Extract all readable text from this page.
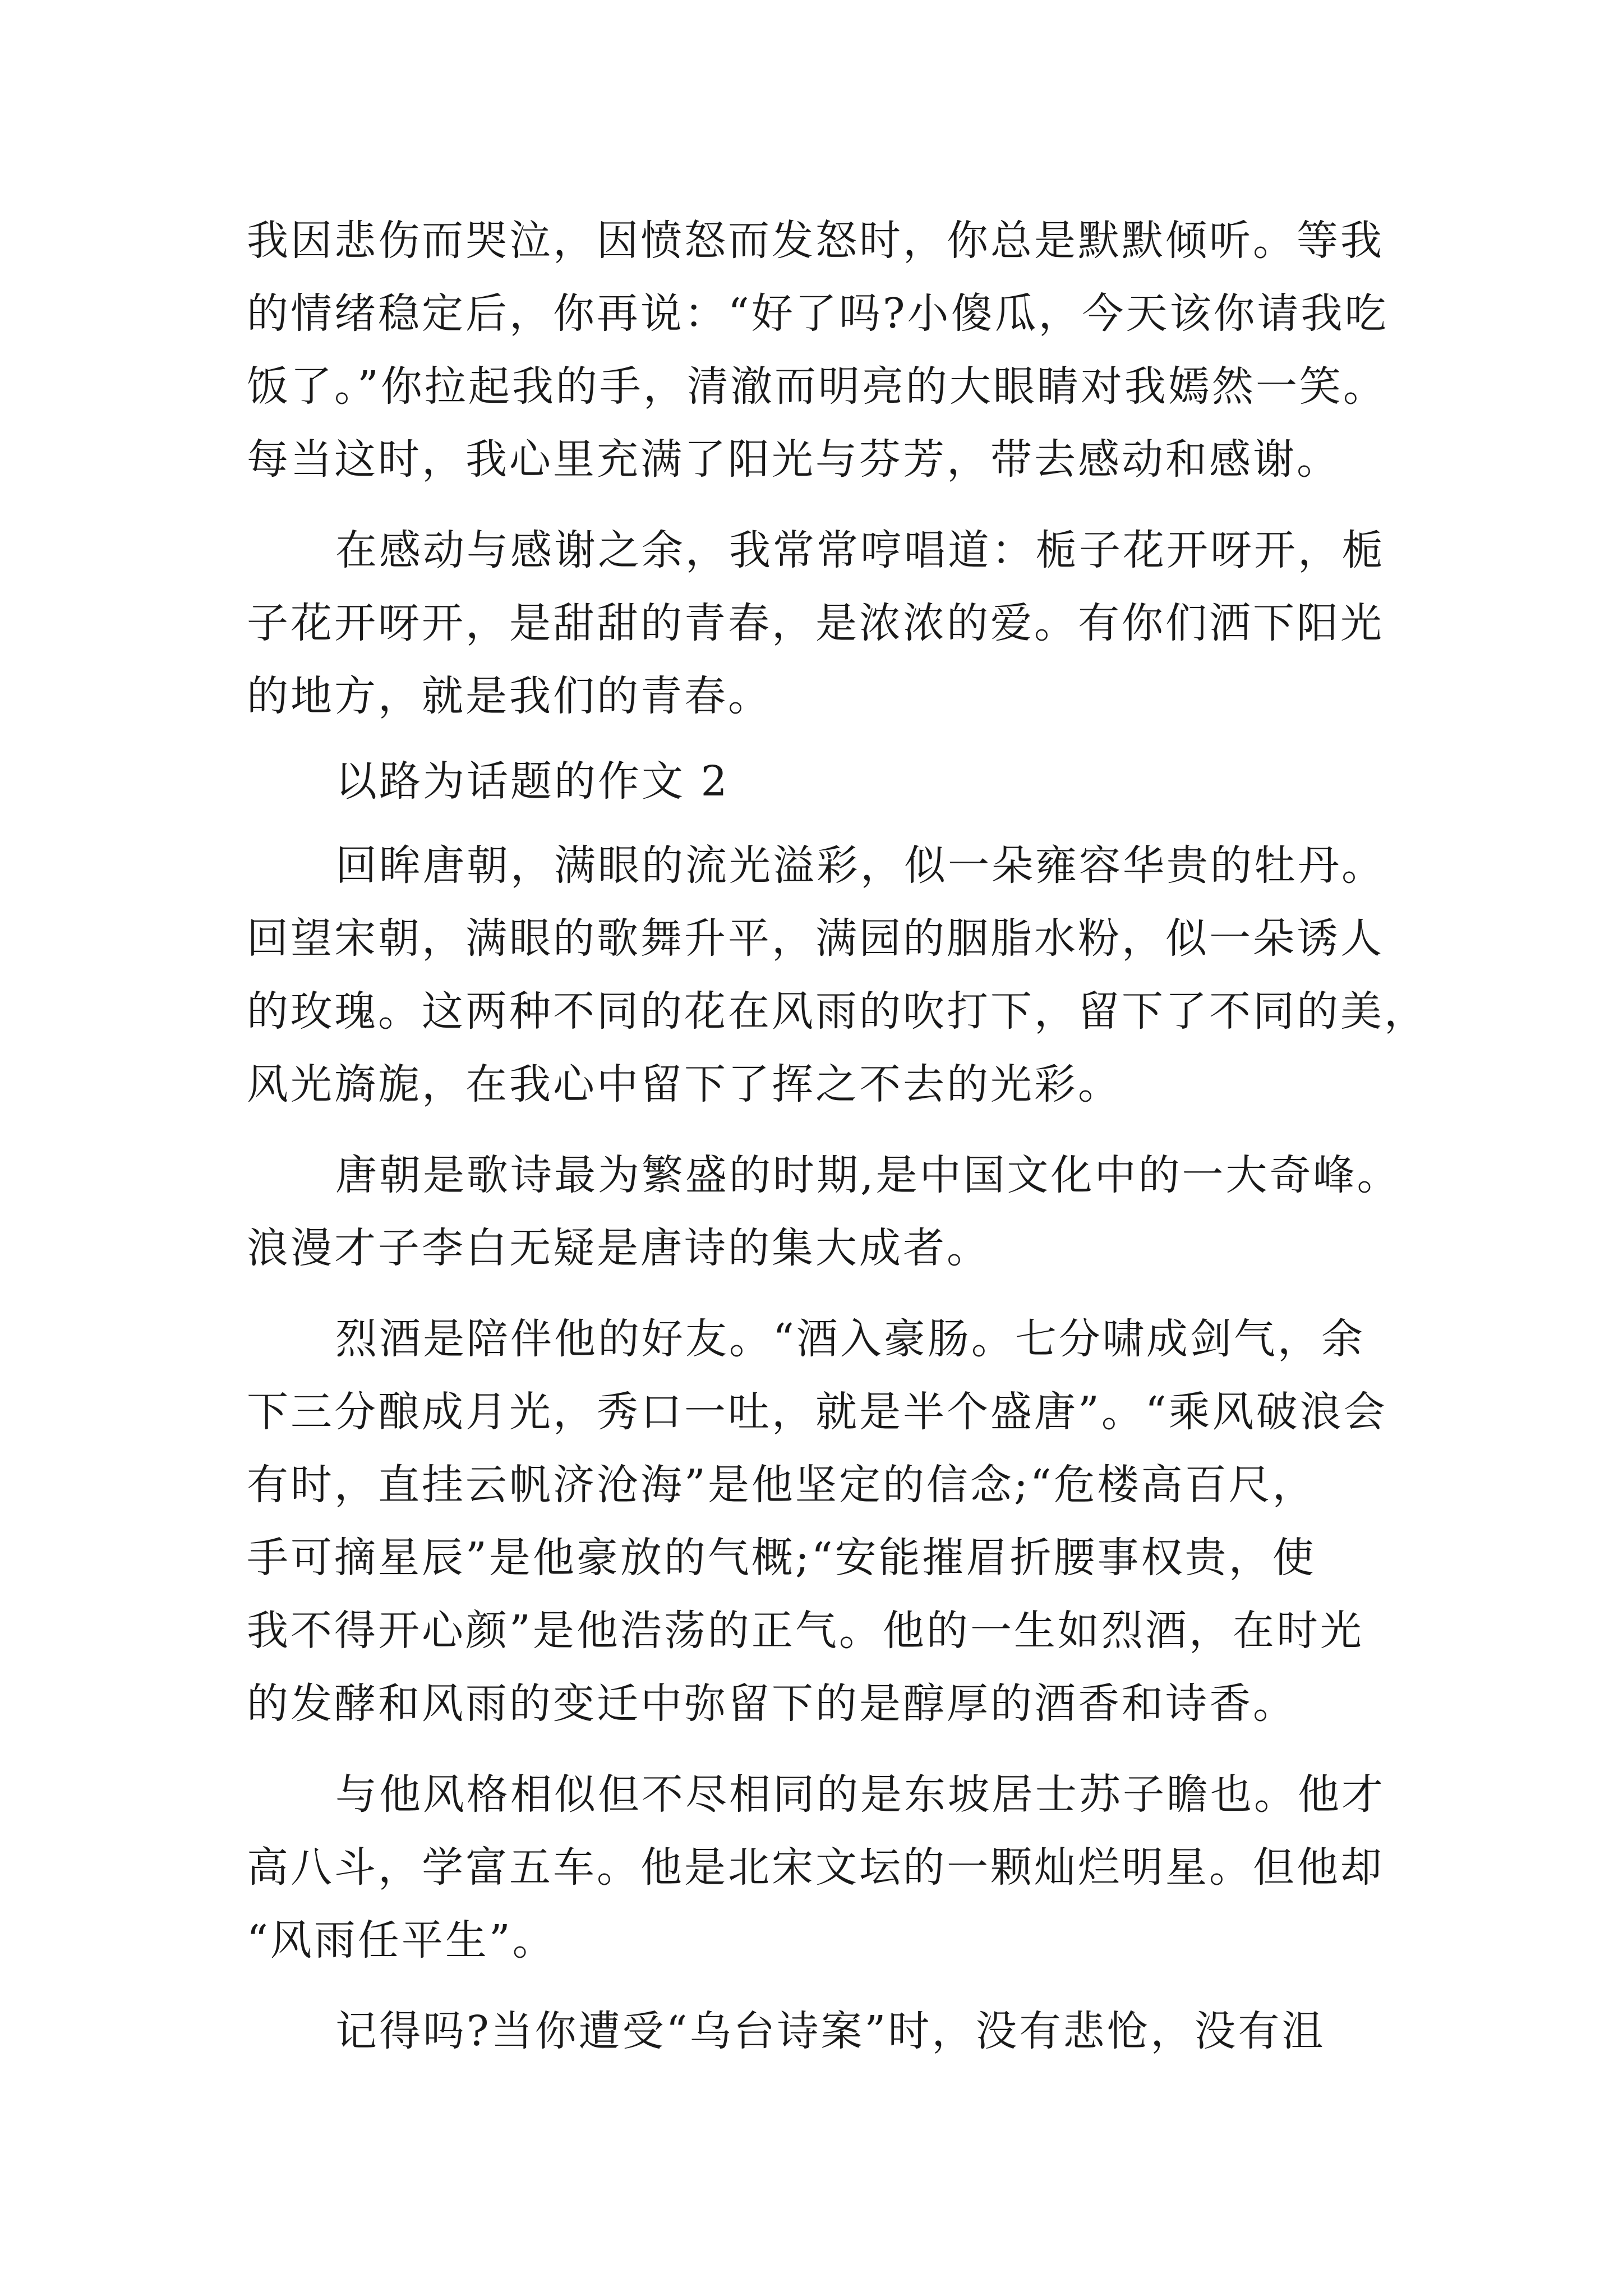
我因悲伤而哭泣，因愤怒而发怒时，你总是默默倾听。等我
的情绪稳定后，你再说：“好了吗?小傻瓜，今天该你请我吃
饭了。”你拉起我的手，清澈而明亮的大眼睛对我嫣然一笑。
每当这时，我心里充满了阳光与芬芳，带去感动和感谢。
在感动与感谢之余，我常常哼唱道：栀子花开呀开，栀
子花开呀开，是甜甜的青春，是浓浓的爱。有你们洒下阳光
的地方，就是我们的青春。
以路为话题的作文 2
回眸唐朝，满眼的流光溢彩，似一朵雍容华贵的牡丹。
回望宋朝，满眼的歌舞升平，满园的胭脂水粉，似一朵诱人
的玫瑰。这两种不同的花在风雨的吹打下，留下了不同的美，
风光旖旎，在我心中留下了挥之不去的光彩。
唐朝是歌诗最为繁盛的时期,是中国文化中的一大奇峰。
浪漫才子李白无疑是唐诗的集大成者。
烈酒是陪伴他的好友。“酒入豪肠。七分啸成剑气，余
下三分酿成月光，秀口一吐，就是半个盛唐”。“乘风破浪会
有时，直挂云帆济沧海”是他坚定的信念;“危楼高百尺，
手可摘星辰”是他豪放的气概;“安能摧眉折腰事权贵，使
我不得开心颜”是他浩荡的正气。他的一生如烈酒，在时光
的发酵和风雨的变迁中弥留下的是醇厚的酒香和诗香。
与他风格相似但不尽相同的是东坡居士苏子瞻也。他才
高八斗，学富五车。他是北宋文坛的一颗灿烂明星。但他却
“风雨任平生”。
记得吗?当你遭受“乌台诗案”时，没有悲怆，没有沮
